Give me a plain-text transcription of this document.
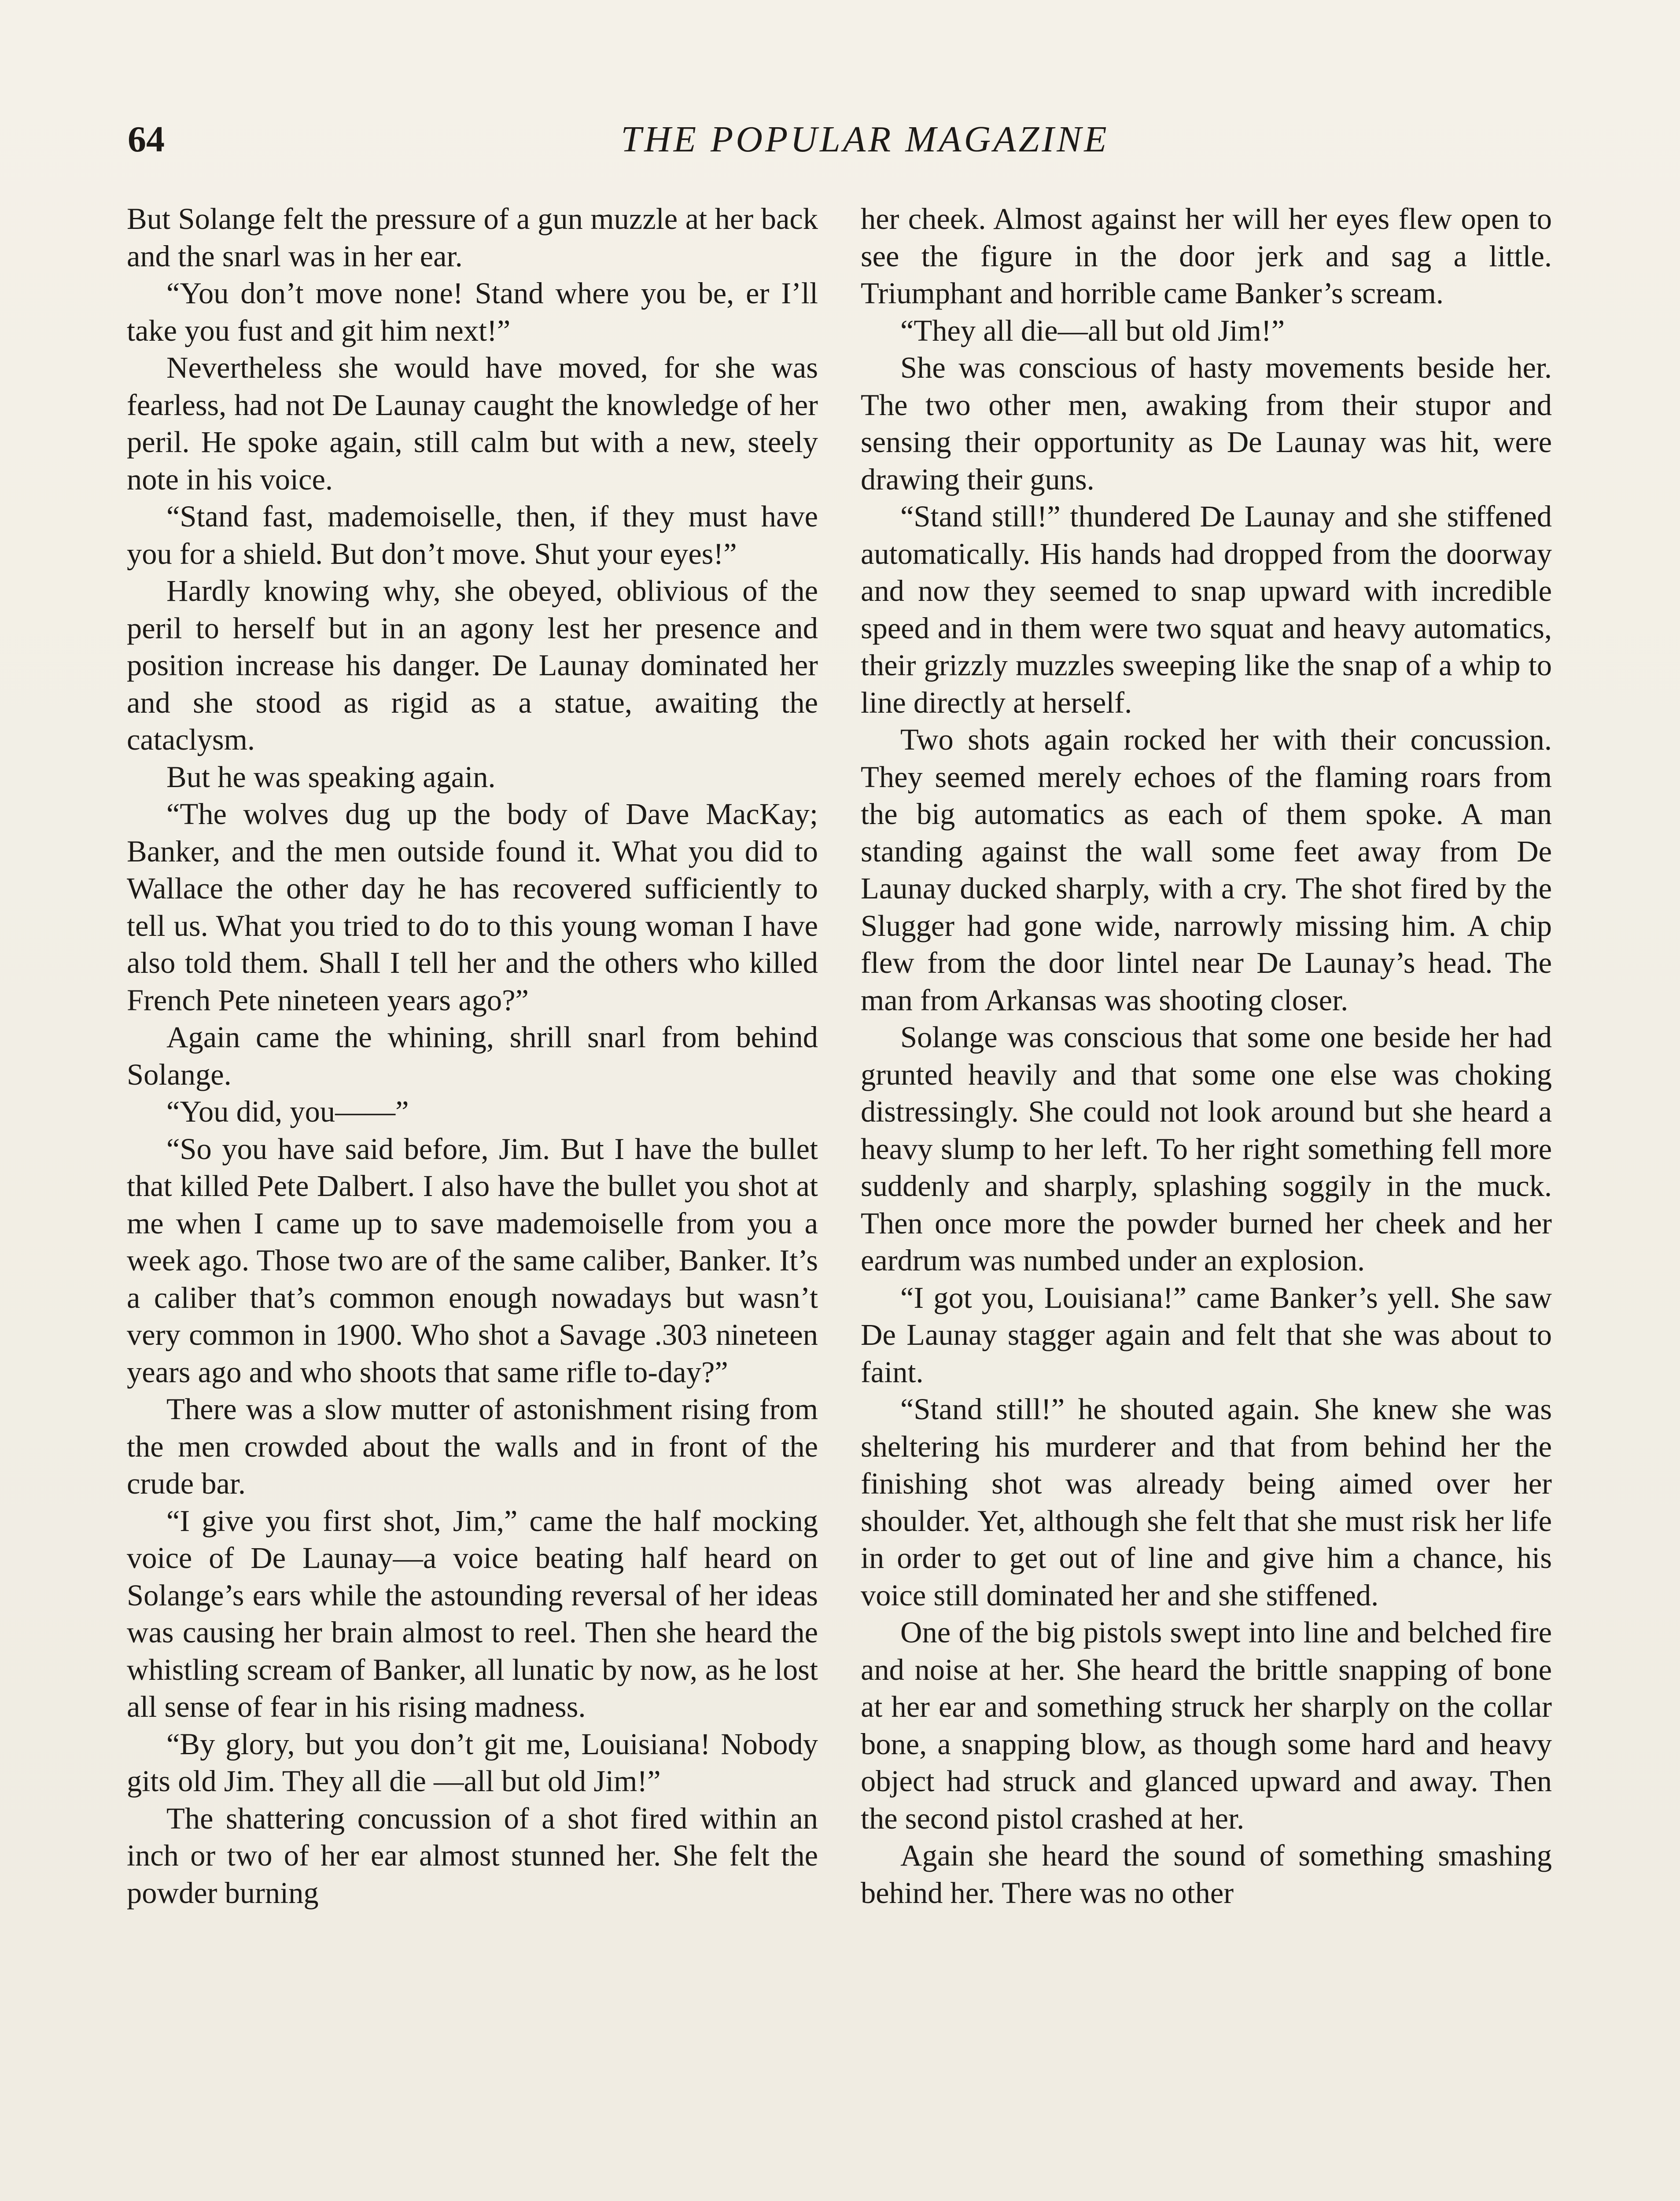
64	THE POPULAR MAGAZINE

But Solange felt the pressure of a gun muzzle at her back and the snarl was in her ear.

“You don’t move none! Stand where you be, er I’ll take you fust and git him next!”

Nevertheless she would have moved, for she was fearless, had not De Launay caught the knowledge of her peril. He spoke again, still calm but with a new, steely note in his voice.

“Stand fast, mademoiselle, then, if they must have you for a shield. But don’t move. Shut your eyes!”

Hardly knowing why, she obeyed, oblivious of the peril to herself but in an agony lest her presence and position increase his danger. De Launay dominated her and she stood as rigid as a statue, awaiting the cataclysm.

But he was speaking again.

“The wolves dug up the body of Dave MacKay; Banker, and the men outside found it. What you did to Wallace the other day he has recovered sufficiently to tell us. What you tried to do to this young woman I have also told them. Shall I tell her and the others who killed French Pete nineteen years ago?”

Again came the whining, shrill snarl from behind Solange.

“You did, you——”

“So you have said before, Jim. But I have the bullet that killed Pete Dalbert. I also have the bullet you shot at me when I came up to save mademoiselle from you a week ago. Those two are of the same caliber, Banker. It’s a caliber that’s common enough nowadays but wasn’t very common in 1900. Who shot a Savage .303 nineteen years ago and who shoots that same rifle to-day?”

There was a slow mutter of astonishment rising from the men crowded about the walls and in front of the crude bar.

“I give you first shot, Jim,” came the half mocking voice of De Launay—a voice beating half heard on Solange’s ears while the astounding reversal of her ideas was causing her brain almost to reel. Then she heard the whistling scream of Banker, all lunatic by now, as he lost all sense of fear in his rising madness.

“By glory, but you don’t git me, Louisiana! Nobody gits old Jim. They all die —all but old Jim!”

The shattering concussion of a shot fired within an inch or two of her ear almost stunned her. She felt the powder burning

her cheek. Almost against her will her eyes flew open to see the figure in the door jerk and sag a little. Triumphant and horrible came Banker’s scream.

“They all die—all but old Jim!”

She was conscious of hasty movements beside her. The two other men, awaking from their stupor and sensing their opportunity as De Launay was hit, were drawing their guns.

“Stand still!” thundered De Launay and she stiffened automatically. His hands had dropped from the doorway and now they seemed to snap upward with incredible speed and in them were two squat and heavy automatics, their grizzly muzzles sweeping like the snap of a whip to line directly at herself.

Two shots again rocked her with their concussion. They seemed merely echoes of the flaming roars from the big automatics as each of them spoke. A man standing against the wall some feet away from De Launay ducked sharply, with a cry. The shot fired by the Slugger had gone wide, narrowly missing him. A chip flew from the door lintel near De Launay’s head. The man from Arkansas was shooting closer.

Solange was conscious that some one beside her had grunted heavily and that some one else was choking distressingly. She could not look around but she heard a heavy slump to her left. To her right something fell more suddenly and sharply, splashing soggily in the muck. Then once more the powder burned her cheek and her eardrum was numbed under an explosion.

“I got you, Louisiana!” came Banker’s yell. She saw De Launay stagger again and felt that she was about to faint.

“Stand still!” he shouted again. She knew she was sheltering his murderer and that from behind her the finishing shot was already being aimed over her shoulder. Yet, although she felt that she must risk her life in order to get out of line and give him a chance, his voice still dominated her and she stiffened.

One of the big pistols swept into line and belched fire and noise at her. She heard the brittle snapping of bone at her ear and something struck her sharply on the collar bone, a snapping blow, as though some hard and heavy object had struck and glanced upward and away. Then the second pistol crashed at her.

Again she heard the sound of something smashing behind her. There was no other
